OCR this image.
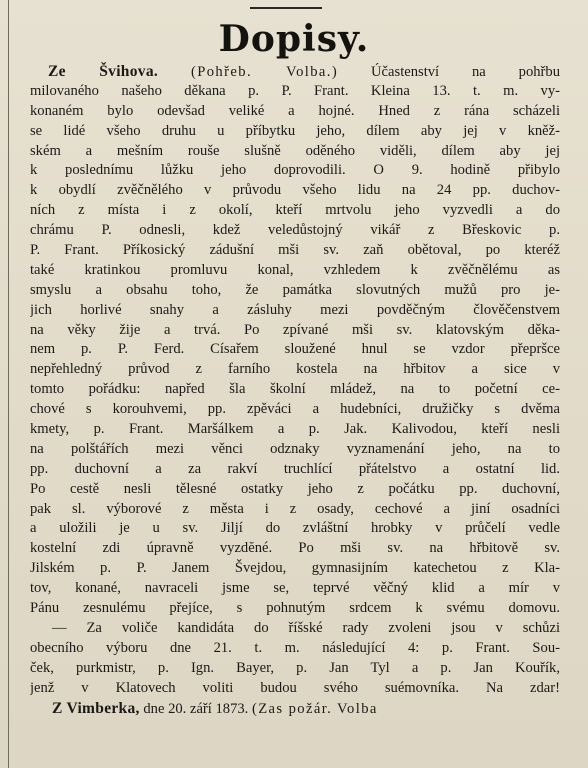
Dopisy.
Ze Švihova. (Pohřeb. Volba.) Účastenství na pohřbu
milovaného našeho děkana p. P. Frant. Kleina 13. t. m. vy-
konaném bylo odevšad veliké a hojné. Hned z rána scházeli
se lidé všeho druhu u příbytku jeho, dílem aby jej v kněž-
ském a mešním rouše slušně oděného viděli, dílem aby jej
k poslednímu lůžku jeho doprovodili. O 9. hodině přibylo
k obydlí zvěčnělého v průvodu všeho lidu na 24 pp. duchov-
ních z místa i z okolí, kteří mrtvolu jeho vyzvedli a do
chrámu P. odnesli, kdež veledůstojný vikář z Břeskovic p.
P. Frant. Příkosický zádušní mši sv. zaň obětoval, po kteréž
také kratinkou promluvu konal, vzhledem k zvěčnělému as
smyslu a obsahu toho, že památka slovutných mužů pro je-
jich horlivé snahy a zásluhy mezi povděčným člověčenstvem
na věky žije a trvá. Po zpívané mši sv. klatovským děka-
nem p. P. Ferd. Císařem sloužené hnul se vzdor přepršce
nepřehledný průvod z farního kostela na hřbitov a sice v
tomto pořádku: napřed šla školní mládež, na to početní ce-
chové s korouhvemi, pp. zpěváci a hudebníci, družičky s dvěma
kmety, p. Frant. Maršálkem a p. Jak. Kalivodou, kteří nesli
na polštářích mezi věnci odznaky vyznamenání jeho, na to
pp. duchovní a za rakví truchlící přátelstvo a ostatní lid.
Po cestě nesli tělesné ostatky jeho z počátku pp. duchovní,
pak sl. výborové z města i z osady, cechové a jiní osadníci
a uložili je u sv. Jiljí do zvláštní hrobky v průčelí vedle
kostelní zdi úpravně vyzdĕné. Po mši sv. na hřbitově sv.
Jilském p. P. Janem Švejdou, gymnasijním katechetou z Kla-
tov, konané, navraceli jsme se, teprvé věčný klid a mír v
Pánu zesnulému přejíce, s pohnutým srdcem k svému domovu.
— Za voliče kandidáta do říšské rady zvoleni jsou v schůzi
obecního výboru dne 21. t. m. následující 4: p. Frant. Sou-
ček, purkmistr, p. Ign. Bayer, p. Jan Tyl a p. Jan Kouřík,
jenž v Klatovech voliti budou svého suémovníka. Na zdar!
Z Vimberka, dne 20. září 1873. (Zas požár. Volba
